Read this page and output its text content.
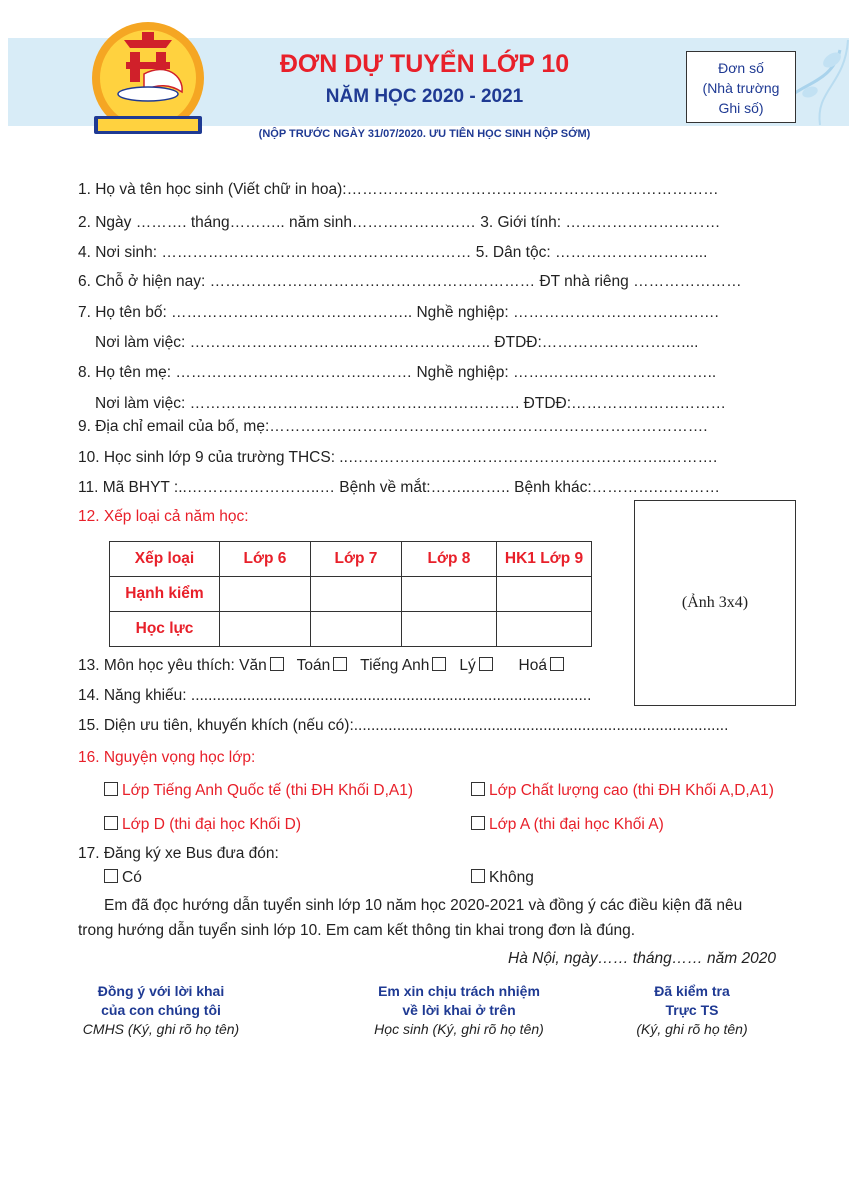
ĐƠN DỰ TUYỂN LỚP 10
NĂM HỌC 2020 - 2021
(NỘP TRƯỚC NGÀY 31/07/2020. ƯU TIÊN HỌC SINH NỘP SỚM)
Đơn số
(Nhà trường
Ghi số)
1. Họ và tên học sinh (Viết chữ in hoa):………………………………………………………………
2. Ngày ………. tháng……….. năm sinh…………………… 3. Giới tính: …………………………
4. Nơi sinh: …………………………………………………… 5. Dân tộc: ………………………...
6. Chỗ ở hiện nay: ……………………………………………………… ĐT nhà riêng …………………
7. Họ tên bố: ……………………………………….. Nghề nghiệp: ………………………………….
Nơi làm việc: …………………………...…………………….. ĐTDĐ:………………………....
8. Họ tên mẹ: ……………………………….……… Nghề nghiệp: …….…….……………………..
Nơi làm việc: ………………………………………………………. ĐTDĐ:…………………………
9. Địa chỉ email của bố, mẹ:………………………………………………………………………….
10. Học sinh lớp 9 của trường THCS: ..……………………………………………………..……….
11. Mã BHYT :..……………………..… Bệnh về mắt:……..…….. Bệnh khác:………….…………
12. Xếp loại cả năm học:
Xếp loại	Lớp 6	Lớp 7	Lớp 8	HK1 Lớp 9
Hạnh kiểm				
Học lực				
(Ảnh 3x4)
13. Môn học yêu thích: Văn Toán Tiếng Anh Lý	Hoá
14. Năng khiếu: .............................................................................................
15. Diện ưu tiên, khuyến khích (nếu có):.......................................................................................
16. Nguyện vọng học lớp:
Lớp Tiếng Anh Quốc tế (thi ĐH Khối D,A1)	Lớp Chất lượng cao (thi ĐH Khối A,D,A1)
Lớp D (thi đại học Khối D)	Lớp A (thi đại học Khối A)
17. Đăng ký xe Bus đưa đón:
Có	Không
Em đã đọc hướng dẫn tuyển sinh lớp 10 năm học 2020-2021 và đồng ý các điều kiện đã nêu
trong hướng dẫn tuyển sinh lớp 10. Em cam kết thông tin khai trong đơn là đúng.
Hà Nội, ngày…… tháng…… năm 2020
Đồng ý với lời khai
của con chúng tôi
CMHS (Ký, ghi rõ họ tên)
Em xin chịu trách nhiệm
về lời khai ở trên
Học sinh (Ký, ghi rõ họ tên)
Đã kiểm tra
Trực TS
(Ký, ghi rõ họ tên)
